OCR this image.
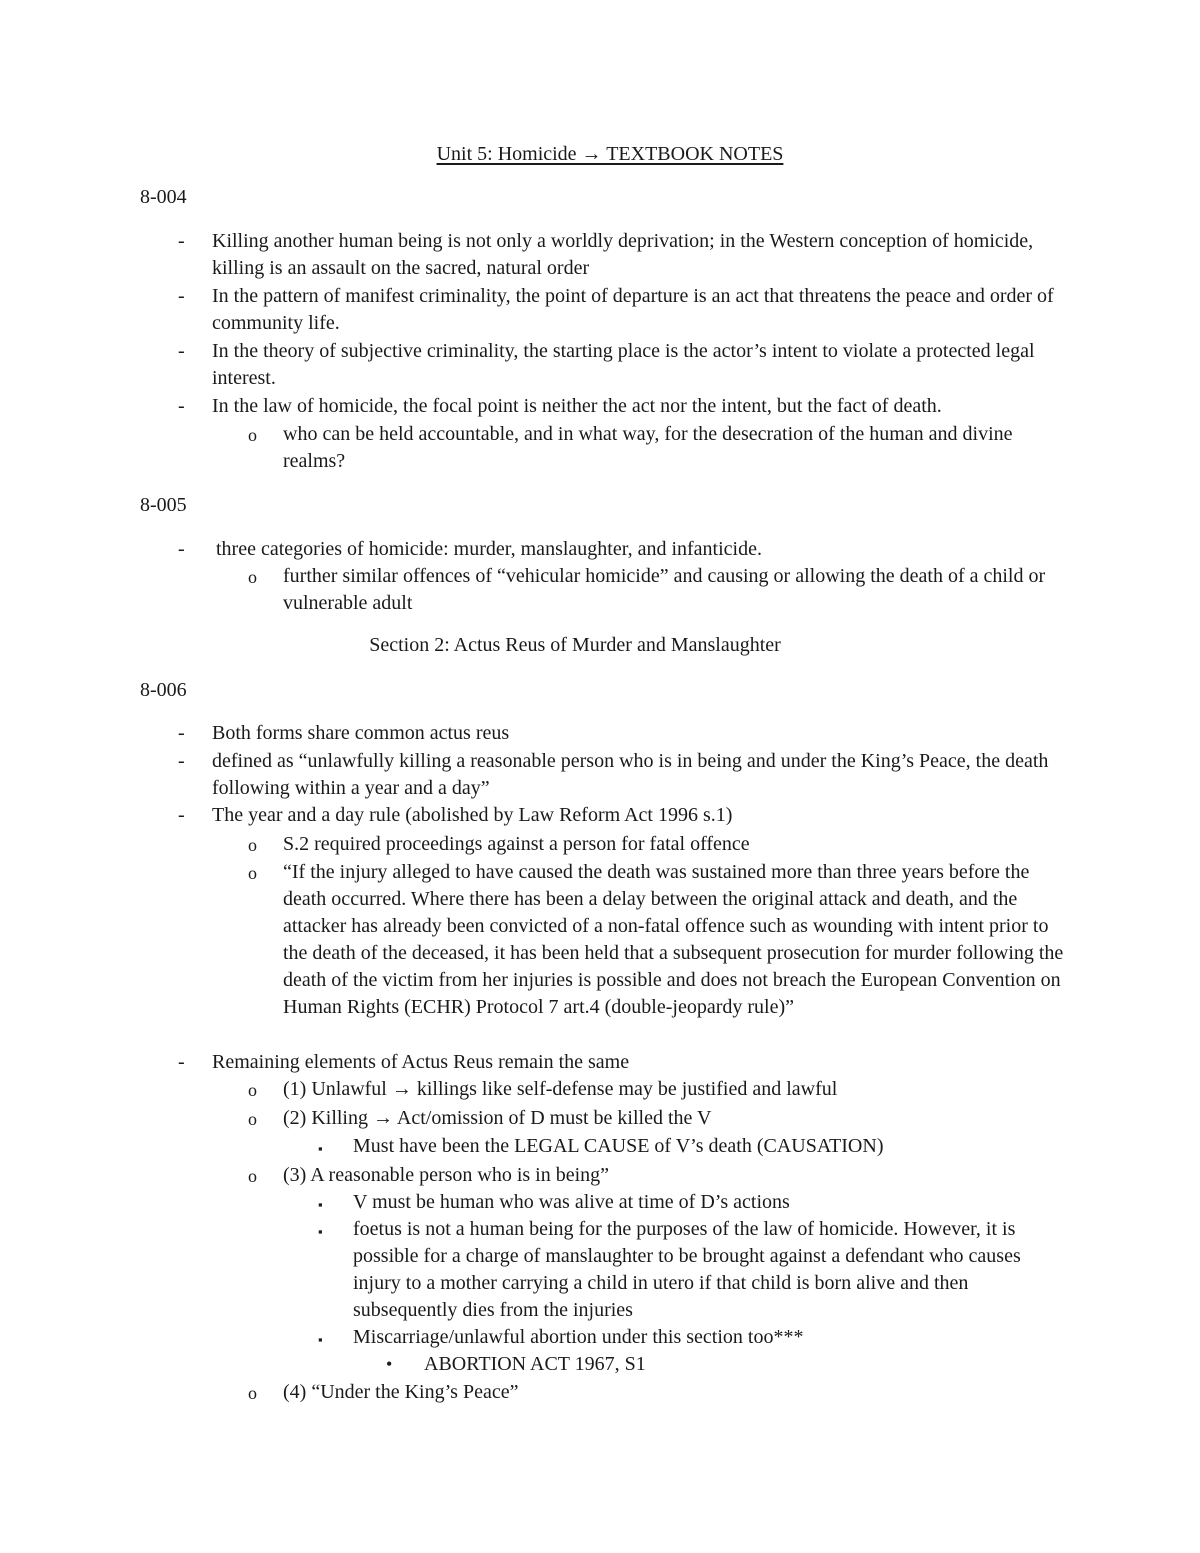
Unit 5: Homicide → TEXTBOOK NOTES
8-004
- Killing another human being is not only a worldly deprivation; in the Western conception of homicide, killing is an assault on the sacred, natural order
- In the pattern of manifest criminality, the point of departure is an act that threatens the peace and order of community life.
- In the theory of subjective criminality, the starting place is the actor’s intent to violate a protected legal interest.
- In the law of homicide, the focal point is neither the act nor the intent, but the fact of death.
o who can be held accountable, and in what way, for the desecration of the human and divine realms?
8-005
- three categories of homicide: murder, manslaughter, and infanticide.
o further similar offences of “vehicular homicide” and causing or allowing the death of a child or vulnerable adult
Section 2: Actus Reus of Murder and Manslaughter
8-006
- Both forms share common actus reus
- defined as “unlawfully killing a reasonable person who is in being and under the King’s Peace, the death following within a year and a day”
- The year and a day rule (abolished by Law Reform Act 1996 s.1)
o S.2 required proceedings against a person for fatal offence
o “If the injury alleged to have caused the death was sustained more than three years before the death occurred. Where there has been a delay between the original attack and death, and the attacker has already been convicted of a non-fatal offence such as wounding with intent prior to the death of the deceased, it has been held that a subsequent prosecution for murder following the death of the victim from her injuries is possible and does not breach the European Convention on Human Rights (ECHR) Protocol 7 art.4 (double-jeopardy rule)”
- Remaining elements of Actus Reus remain the same
o (1) Unlawful → killings like self-defense may be justified and lawful
o (2) Killing → Act/omission of D must be killed the V
▪ Must have been the LEGAL CAUSE of V’s death (CAUSATION)
o (3) A reasonable person who is in being”
▪ V must be human who was alive at time of D’s actions
▪ foetus is not a human being for the purposes of the law of homicide. However, it is possible for a charge of manslaughter to be brought against a defendant who causes injury to a mother carrying a child in utero if that child is born alive and then subsequently dies from the injuries
▪ Miscarriage/unlawful abortion under this section too***
• ABORTION ACT 1967, S1
o (4) “Under the King’s Peace”
